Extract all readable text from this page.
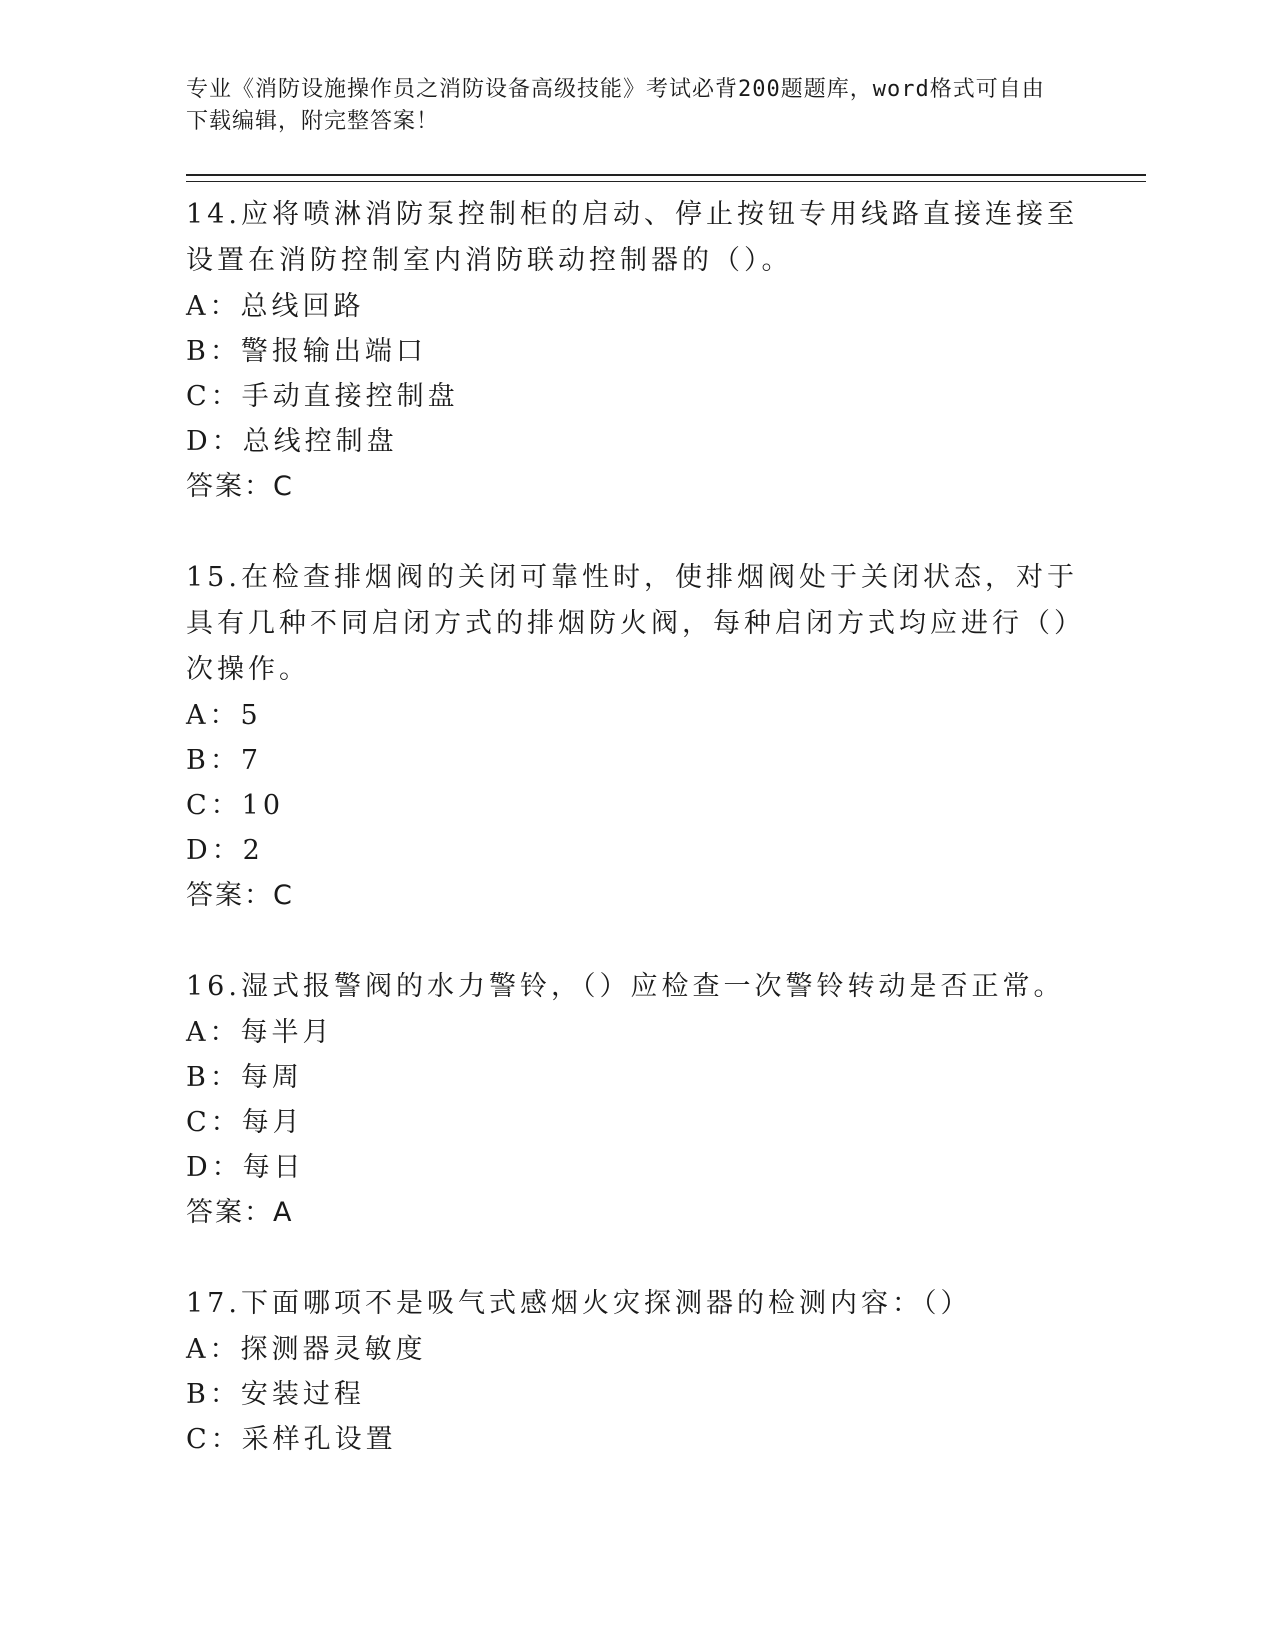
专业《消防设施操作员之消防设备高级技能》考试必背200题题库，word格式可自由下载编辑，附完整答案！
14.应将喷淋消防泵控制柜的启动、停止按钮专用线路直接连接至设置在消防控制室内消防联动控制器的（）。
A：总线回路
B：警报输出端口
C：手动直接控制盘
D：总线控制盘
答案：C
15.在检查排烟阀的关闭可靠性时，使排烟阀处于关闭状态，对于具有几种不同启闭方式的排烟防火阀，每种启闭方式均应进行（）次操作。
A：5
B：7
C：10
D：2
答案：C
16.湿式报警阀的水力警铃，（）应检查一次警铃转动是否正常。
A：每半月
B：每周
C：每月
D：每日
答案：A
17.下面哪项不是吸气式感烟火灾探测器的检测内容：（）
A：探测器灵敏度
B：安装过程
C：采样孔设置
